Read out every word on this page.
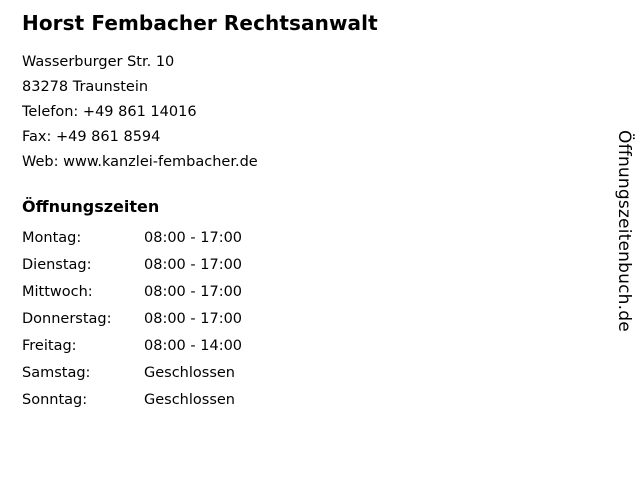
Horst Fembacher Rechtsanwalt
Wasserburger Str. 10
83278 Traunstein
Telefon: +49 861 14016
Fax: +49 861 8594
Web: www.kanzlei-fembacher.de
Öffnungszeiten
Montag:	08:00 - 17:00
Dienstag:	08:00 - 17:00
Mittwoch:	08:00 - 17:00
Donnerstag:	08:00 - 17:00
Freitag:	08:00 - 14:00
Samstag:	Geschlossen
Sonntag:	Geschlossen
Öffnungszeitenbuch.de
